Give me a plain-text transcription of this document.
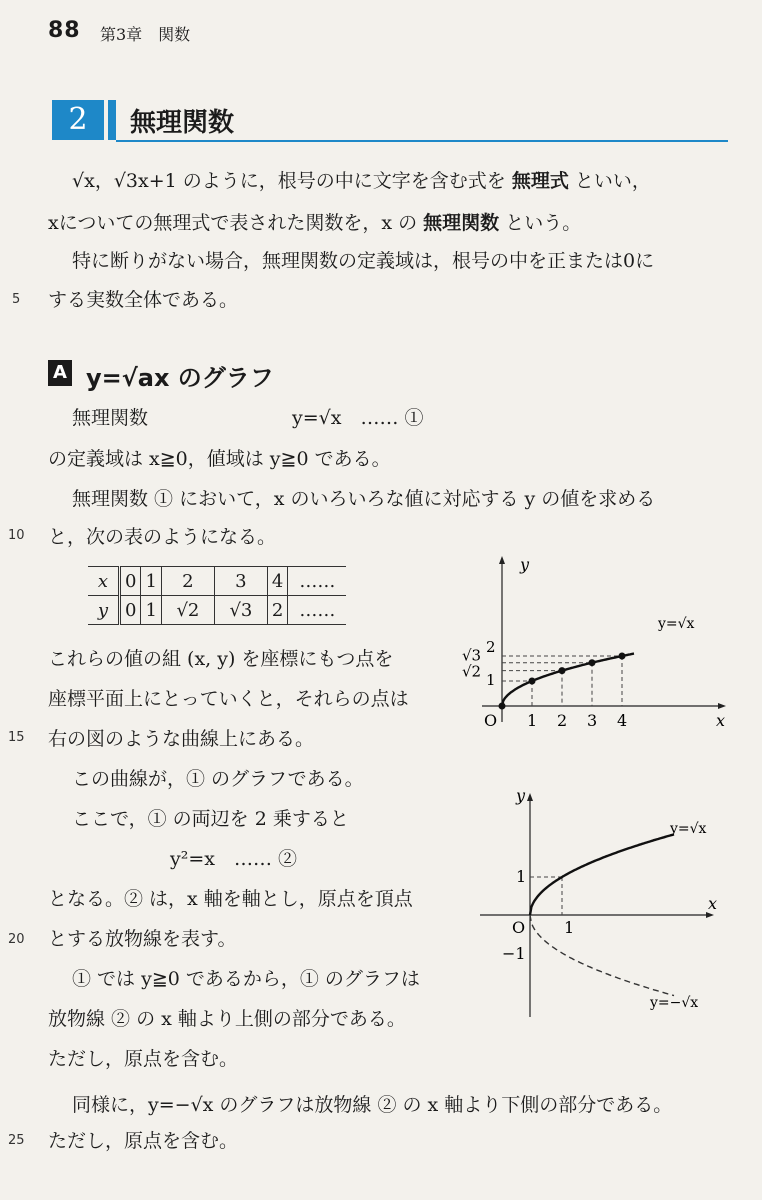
88 第3章　関数
2	無理関数
√x，√3x+1 のように，根号の中に文字を含む式を 無理式 といい，
xについての無理式で表された関数を，x の 無理関数 という。
特に断りがない場合，無理関数の定義域は，根号の中を正または0に
する実数全体である。
5
10
15
20
25
A y=√ax のグラフ
無理関数	y=√x　…… ①
の定義域は x≧0，値域は y≧0 である。
無理関数 ① において，x のいろいろな値に対応する y の値を求める
と，次の表のようになる。
x	0	1	2	3	4	……
y	0	1	√2	√3	2	……
これらの値の組 (x, y) を座標にもつ点を
座標平面上にとっていくと，それらの点は
右の図のような曲線上にある。
この曲線が，① のグラフである。
ここで，① の両辺を 2 乗すると
y²=x　…… ②
となる。② は，x 軸を軸とし，原点を頂点
とする放物線を表す。
① では y≧0 であるから，① のグラフは
放物線 ② の x 軸より上側の部分である。
ただし，原点を含む。
同様に，y=−√x のグラフは放物線 ② の x 軸より下側の部分である。
ただし，原点を含む。
x
y
O 1 2 3 4
1
√2
√3 2
y=√x
x
y
O
1
−1
1
y=√x
y=−√x
